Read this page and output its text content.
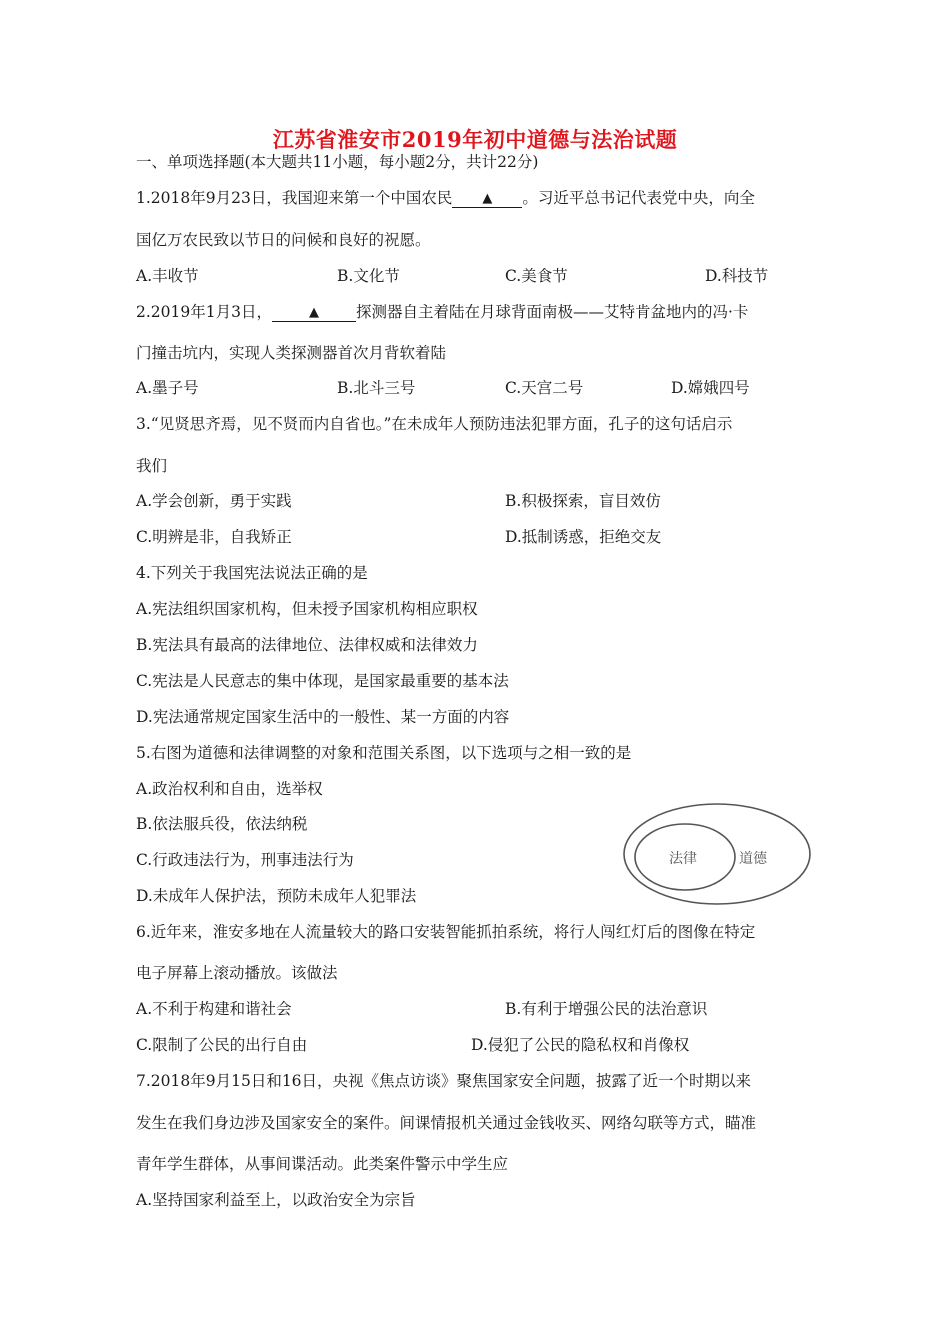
江苏省淮安市2019年初中道德与法治试题
一、单项选择题(本大题共11小题，每小题2分，共计22分)
1.2018年9月23日，我国迎来第一个中国农民 ▲ 。习近平总书记代表党中央，向全
国亿万农民致以节日的问候和良好的祝愿。
A.丰收节	B.文化节	C.美食节	D.科技节
2.2019年1月3日，	▲ 探测器自主着陆在月球背面南极——艾特肯盆地内的冯·卡
门撞击坑内，实现人类探测器首次月背软着陆
A.墨子号	B.北斗三号	C.天宫二号	D.嫦娥四号
3.“见贤思齐焉，见不贤而内自省也。”在未成年人预防违法犯罪方面，孔子的这句话启示
我们
A.学会创新，勇于实践	B.积极探索，盲目效仿
C.明辨是非，自我矫正	D.抵制诱惑，拒绝交友
4.下列关于我国宪法说法正确的是
A.宪法组织国家机构，但未授予国家机构相应职权
B.宪法具有最高的法律地位、法律权威和法律效力
C.宪法是人民意志的集中体现，是国家最重要的基本法
D.宪法通常规定国家生活中的一般性、某一方面的内容
5.右图为道德和法律调整的对象和范围关系图，以下选项与之相一致的是
A.政治权利和自由，选举权
B.依法服兵役，依法纳税
C.行政违法行为，刑事违法行为
D.未成年人保护法，预防未成年人犯罪法
法律	道德
6.近年来，淮安多地在人流量较大的路口安装智能抓拍系统，将行人闯红灯后的图像在特定
电子屏幕上滚动播放。该做法
A.不利于构建和谐社会	B.有利于增强公民的法治意识
C.限制了公民的出行自由	D.侵犯了公民的隐私权和肖像权
7.2018年9月15日和16日，央视《焦点访谈》聚焦国家安全问题，披露了近一个时期以来
发生在我们身边涉及国家安全的案件。间课情报机关通过金钱收买、网络勾联等方式，瞄准
青年学生群体，从事间谍活动。此类案件警示中学生应
A.坚持国家利益至上，以政治安全为宗旨
